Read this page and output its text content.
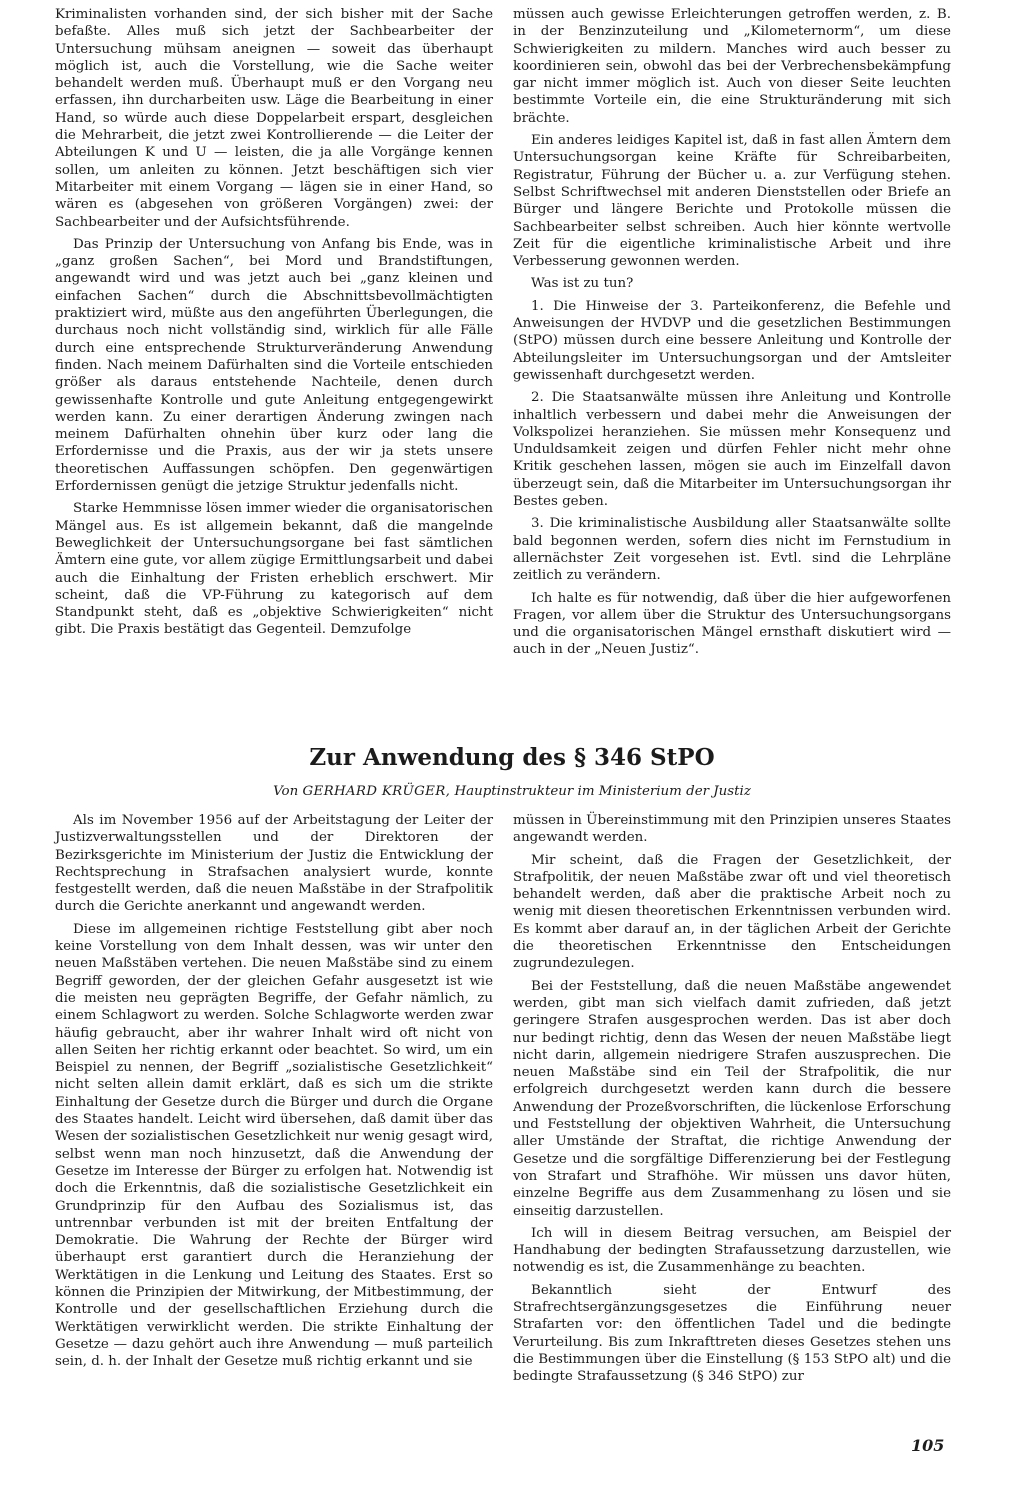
Kriminalisten vorhanden sind, der sich bisher mit der Sache befaßte. Alles muß sich jetzt der Sachbearbeiter der Untersuchung mühsam aneignen — soweit das überhaupt möglich ist, auch die Vorstellung, wie die Sache weiter behandelt werden muß. Überhaupt muß er den Vorgang neu erfassen, ihn durcharbeiten usw. Läge die Bearbeitung in einer Hand, so würde auch diese Doppelarbeit erspart, desgleichen die Mehrarbeit, die jetzt zwei Kontrollierende — die Leiter der Abteilungen K und U — leisten, die ja alle Vorgänge kennen sollen, um anleiten zu können. Jetzt beschäftigen sich vier Mitarbeiter mit einem Vorgang — lägen sie in einer Hand, so wären es (abgesehen von größeren Vorgängen) zwei: der Sachbearbeiter und der Aufsichtsführende.

Das Prinzip der Untersuchung von Anfang bis Ende, was in „ganz großen Sachen“, bei Mord und Brandstiftungen, angewandt wird und was jetzt auch bei „ganz kleinen und einfachen Sachen“ durch die Abschnittsbevollmächtigten praktiziert wird, müßte aus den angeführten Überlegungen, die durchaus noch nicht vollständig sind, wirklich für alle Fälle durch eine entsprechende Strukturveränderung Anwendung finden. Nach meinem Dafürhalten sind die Vorteile entschieden größer als daraus entstehende Nachteile, denen durch gewissenhafte Kontrolle und gute Anleitung entgegengewirkt werden kann. Zu einer derartigen Änderung zwingen nach meinem Dafürhalten ohnehin über kurz oder lang die Erfordernisse und die Praxis, aus der wir ja stets unsere theoretischen Auffassungen schöpfen. Den gegenwärtigen Erfordernissen genügt die jetzige Struktur jedenfalls nicht.

Starke Hemmnisse lösen immer wieder die organisatorischen Mängel aus. Es ist allgemein bekannt, daß die mangelnde Beweglichkeit der Untersuchungsorgane bei fast sämtlichen Ämtern eine gute, vor allem zügige Ermittlungsarbeit und dabei auch die Einhaltung der Fristen erheblich erschwert. Mir scheint, daß die VP-Führung zu kategorisch auf dem Standpunkt steht, daß es „objektive Schwierigkeiten“ nicht gibt. Die Praxis bestätigt das Gegenteil. Demzufolge

müssen auch gewisse Erleichterungen getroffen werden, z. B. in der Benzinzuteilung und „Kilometernorm“, um diese Schwierigkeiten zu mildern. Manches wird auch besser zu koordinieren sein, obwohl das bei der Verbrechensbekämpfung gar nicht immer möglich ist. Auch von dieser Seite leuchten bestimmte Vorteile ein, die eine Strukturänderung mit sich brächte.

Ein anderes leidiges Kapitel ist, daß in fast allen Ämtern dem Untersuchungsorgan keine Kräfte für Schreibarbeiten, Registratur, Führung der Bücher u. a. zur Verfügung stehen. Selbst Schriftwechsel mit anderen Dienststellen oder Briefe an Bürger und längere Berichte und Protokolle müssen die Sachbearbeiter selbst schreiben. Auch hier könnte wertvolle Zeit für die eigentliche kriminalistische Arbeit und ihre Verbesserung gewonnen werden.

Was ist zu tun?

1. Die Hinweise der 3. Parteikonferenz, die Befehle und Anweisungen der HVDVP und die gesetzlichen Bestimmungen (StPO) müssen durch eine bessere Anleitung und Kontrolle der Abteilungsleiter im Untersuchungsorgan und der Amtsleiter gewissenhaft durchgesetzt werden.

2. Die Staatsanwälte müssen ihre Anleitung und Kontrolle inhaltlich verbessern und dabei mehr die Anweisungen der Volkspolizei heranziehen. Sie müssen mehr Konsequenz und Unduldsamkeit zeigen und dürfen Fehler nicht mehr ohne Kritik geschehen lassen, mögen sie auch im Einzelfall davon überzeugt sein, daß die Mitarbeiter im Untersuchungsorgan ihr Bestes geben.

3. Die kriminalistische Ausbildung aller Staatsanwälte sollte bald begonnen werden, sofern dies nicht im Fernstudium in allernächster Zeit vorgesehen ist. Evtl. sind die Lehrpläne zeitlich zu verändern.

Ich halte es für notwendig, daß über die hier aufgeworfenen Fragen, vor allem über die Struktur des Untersuchungsorgans und die organisatorischen Mängel ernsthaft diskutiert wird — auch in der „Neuen Justiz“.

Zur Anwendung des § 346 StPO
Von GERHARD KRÜGER, Hauptinstrukteur im Ministerium der Justiz

Als im November 1956 auf der Arbeitstagung der Leiter der Justizverwaltungsstellen und der Direktoren der Bezirksgerichte im Ministerium der Justiz die Entwicklung der Rechtsprechung in Strafsachen analysiert wurde, konnte festgestellt werden, daß die neuen Maßstäbe in der Strafpolitik durch die Gerichte anerkannt und angewandt werden.

Diese im allgemeinen richtige Feststellung gibt aber noch keine Vorstellung von dem Inhalt dessen, was wir unter den neuen Maßstäben vertehen. Die neuen Maßstäbe sind zu einem Begriff geworden, der der gleichen Gefahr ausgesetzt ist wie die meisten neu geprägten Begriffe, der Gefahr nämlich, zu einem Schlagwort zu werden. Solche Schlagworte werden zwar häufig gebraucht, aber ihr wahrer Inhalt wird oft nicht von allen Seiten her richtig erkannt oder beachtet. So wird, um ein Beispiel zu nennen, der Begriff „sozialistische Gesetzlichkeit“ nicht selten allein damit erklärt, daß es sich um die strikte Einhaltung der Gesetze durch die Bürger und durch die Organe des Staates handelt. Leicht wird übersehen, daß damit über das Wesen der sozialistischen Gesetzlichkeit nur wenig gesagt wird, selbst wenn man noch hinzusetzt, daß die Anwendung der Gesetze im Interesse der Bürger zu erfolgen hat. Notwendig ist doch die Erkenntnis, daß die sozialistische Gesetzlichkeit ein Grundprinzip für den Aufbau des Sozialismus ist, das untrennbar verbunden ist mit der breiten Entfaltung der Demokratie. Die Wahrung der Rechte der Bürger wird überhaupt erst garantiert durch die Heranziehung der Werktätigen in die Lenkung und Leitung des Staates. Erst so können die Prinzipien der Mitwirkung, der Mitbestimmung, der Kontrolle und der gesellschaftlichen Erziehung durch die Werktätigen verwirklicht werden. Die strikte Einhaltung der Gesetze — dazu gehört auch ihre Anwendung — muß parteilich sein, d. h. der Inhalt der Gesetze muß richtig erkannt und sie

müssen in Übereinstimmung mit den Prinzipien unseres Staates angewandt werden.

Mir scheint, daß die Fragen der Gesetzlichkeit, der Strafpolitik, der neuen Maßstäbe zwar oft und viel theoretisch behandelt werden, daß aber die praktische Arbeit noch zu wenig mit diesen theoretischen Erkenntnissen verbunden wird. Es kommt aber darauf an, in der täglichen Arbeit der Gerichte die theoretischen Erkenntnisse den Entscheidungen zugrundezulegen.

Bei der Feststellung, daß die neuen Maßstäbe angewendet werden, gibt man sich vielfach damit zufrieden, daß jetzt geringere Strafen ausgesprochen werden. Das ist aber doch nur bedingt richtig, denn das Wesen der neuen Maßstäbe liegt nicht darin, allgemein niedrigere Strafen auszusprechen. Die neuen Maßstäbe sind ein Teil der Strafpolitik, die nur erfolgreich durchgesetzt werden kann durch die bessere Anwendung der Prozeßvorschriften, die lückenlose Erforschung und Feststellung der objektiven Wahrheit, die Untersuchung aller Umstände der Straftat, die richtige Anwendung der Gesetze und die sorgfältige Differenzierung bei der Festlegung von Strafart und Strafhöhe. Wir müssen uns davor hüten, einzelne Begriffe aus dem Zusammenhang zu lösen und sie einseitig darzustellen.

Ich will in diesem Beitrag versuchen, am Beispiel der Handhabung der bedingten Strafaussetzung darzustellen, wie notwendig es ist, die Zusammenhänge zu beachten.

Bekanntlich sieht der Entwurf des Strafrechtsergänzungsgesetzes die Einführung neuer Strafarten vor: den öffentlichen Tadel und die bedingte Verurteilung. Bis zum Inkrafttreten dieses Gesetzes stehen uns die Bestimmungen über die Einstellung (§ 153 StPO alt) und die bedingte Strafaussetzung (§ 346 StPO) zur

105
